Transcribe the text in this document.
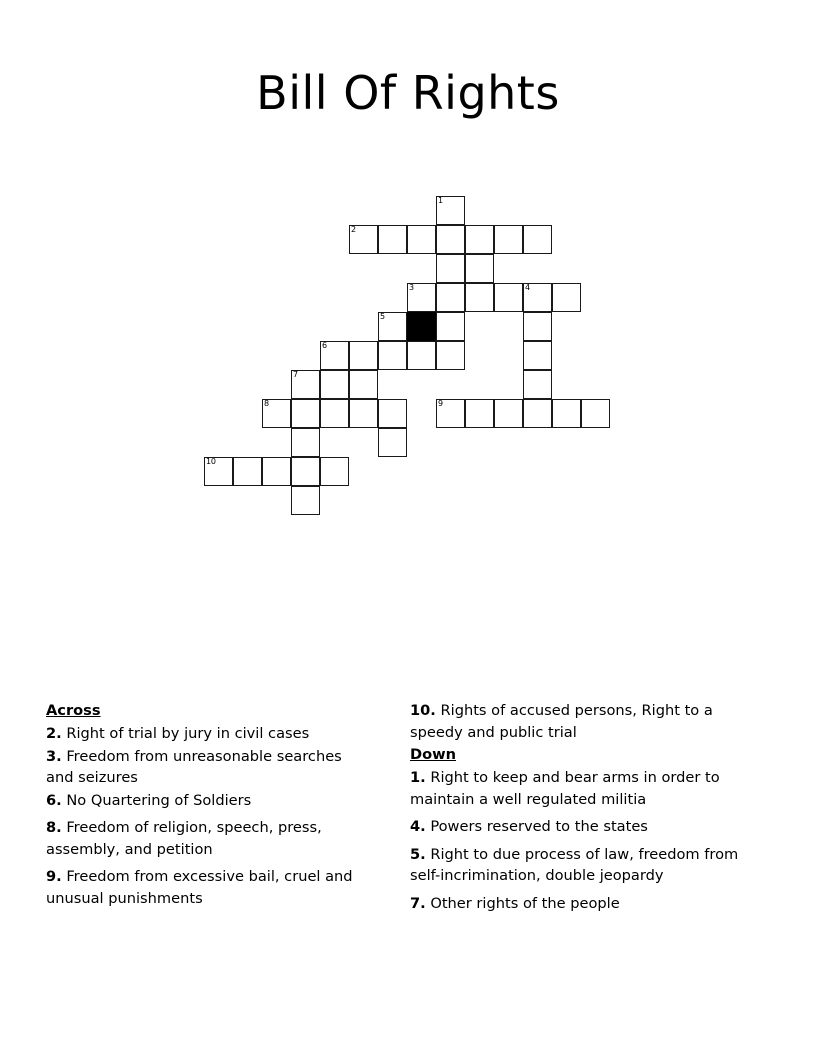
Bill Of Rights
1
2
3	4
5
6
7
8	9
10
Across
2. Right of trial by jury in civil cases
3. Freedom from unreasonable searches and seizures
6. No Quartering of Soldiers
8. Freedom of religion, speech, press, assembly, and petition
9. Freedom from excessive bail, cruel and unusual punishments
10. Rights of accused persons, Right to a speedy and public trial
Down
1. Right to keep and bear arms in order to maintain a well regulated militia
4. Powers reserved to the states
5. Right to due process of law, freedom from self-incrimination, double jeopardy
7. Other rights of the people
